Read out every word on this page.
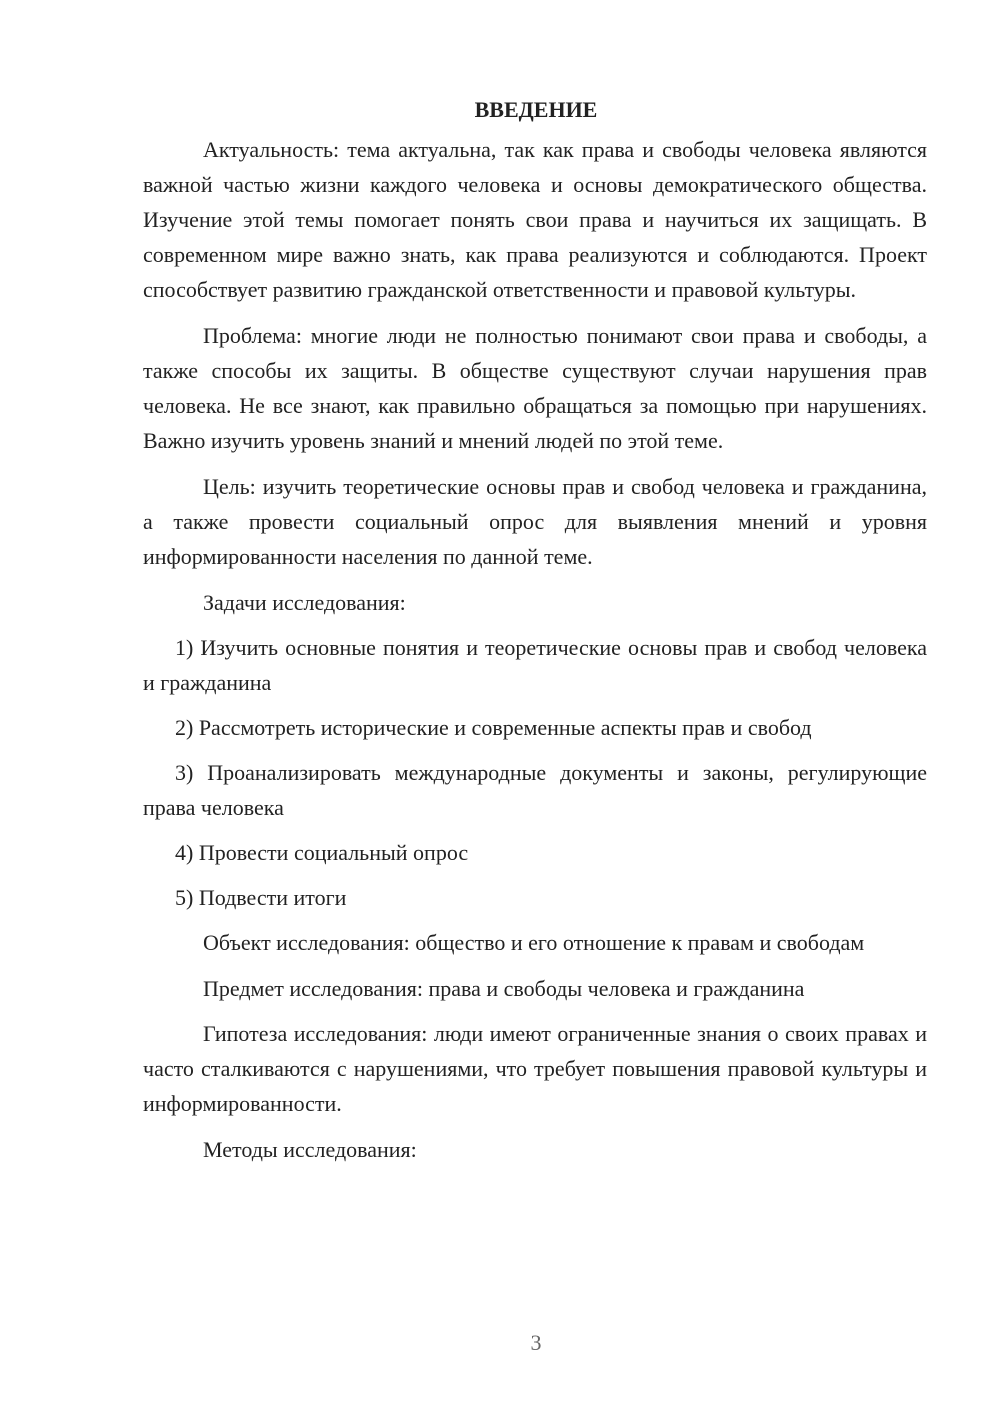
ВВЕДЕНИЕ

Актуальность: тема актуальна, так как права и свободы человека являются важной частью жизни каждого человека и основы демократического общества. Изучение этой темы помогает понять свои права и научиться их защищать. В современном мире важно знать, как права реализуются и соблюдаются. Проект способствует развитию гражданской ответственности и правовой культуры.

Проблема: многие люди не полностью понимают свои права и свободы, а также способы их защиты. В обществе существуют случаи нарушения прав человека. Не все знают, как правильно обращаться за помощью при нарушениях. Важно изучить уровень знаний и мнений людей по этой теме.

Цель: изучить теоретические основы прав и свобод человека и гражданина, а также провести социальный опрос для выявления мнений и уровня информированности населения по данной теме.

Задачи исследования:

1) Изучить основные понятия и теоретические основы прав и свобод человека и гражданина

2) Рассмотреть исторические и современные аспекты прав и свобод

3) Проанализировать международные документы и законы, регулирующие права человека

4) Провести социальный опрос

5) Подвести итоги

Объект исследования: общество и его отношение к правам и свободам

Предмет исследования: права и свободы человека и гражданина

Гипотеза исследования: люди имеют ограниченные знания о своих правах и часто сталкиваются с нарушениями, что требует повышения правовой культуры и информированности.

Методы исследования:

3
